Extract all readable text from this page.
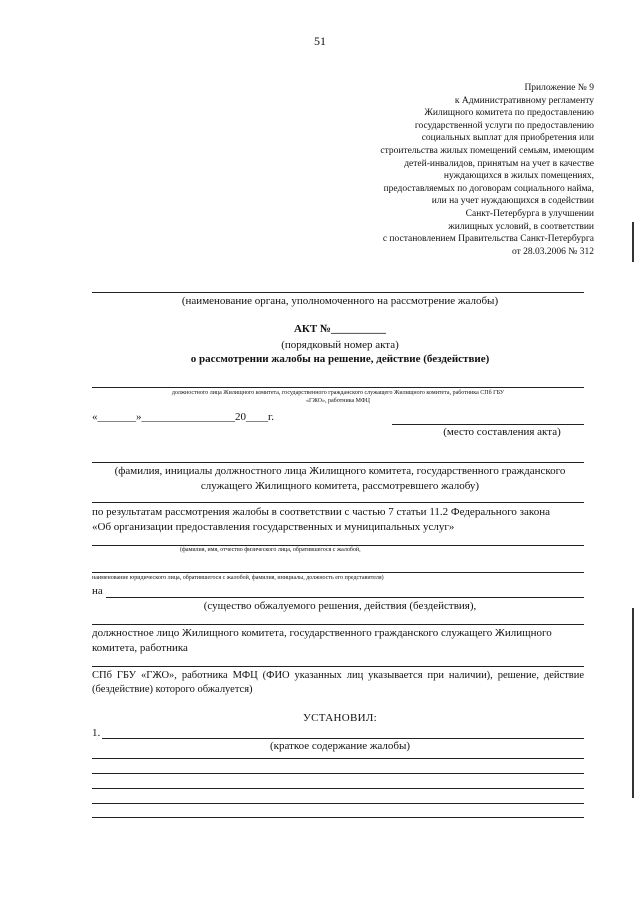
51
Приложение № 9
к Административному регламенту
Жилищного комитета по предоставлению
государственной услуги по предоставлению
социальных выплат для приобретения или
строительства жилых помещений семьям, имеющим
детей-инвалидов, принятым на учет в качестве
нуждающихся в жилых помещениях,
предоставляемых по договорам социального найма,
или на учет нуждающихся в содействии
Санкт-Петербурга в улучшении
жилищных условий, в соответствии
с постановлением Правительства Санкт-Петербурга
от 28.03.2006 № 312
(наименование органа, уполномоченного на рассмотрение жалобы)
АКТ №__________
(порядковый номер акта)
о рассмотрении жалобы на решение, действие (бездействие)
должностного лица Жилищного комитета, государственного гражданского служащего Жилищного комитета, работника СПб ГБУ
«ГЖО», работника МФЦ
«_______»_________________20____г.
(место составления акта)
(фамилия, инициалы должностного лица Жилищного комитета, государственного гражданского
служащего Жилищного комитета, рассмотревшего жалобу)
по результатам рассмотрения жалобы в соответствии с частью 7 статьи 11.2 Федерального закона
«Об организации предоставления государственных и муниципальных услуг»
(фамилия, имя, отчество физического лица, обратившегося с жалобой,
наименование юридического лица, обратившегося с жалобой, фамилия, инициалы, должность его представителя)
на
(существо обжалуемого решения, действия (бездействия),
должностное лицо Жилищного комитета, государственного гражданского служащего Жилищного
комитета, работника
СПб ГБУ «ГЖО», работника МФЦ (ФИО указанных лиц указывается при наличии), решение, действие (бездействие) которого обжалуется)
УСТАНОВИЛ:
1.
(краткое содержание жалобы)
